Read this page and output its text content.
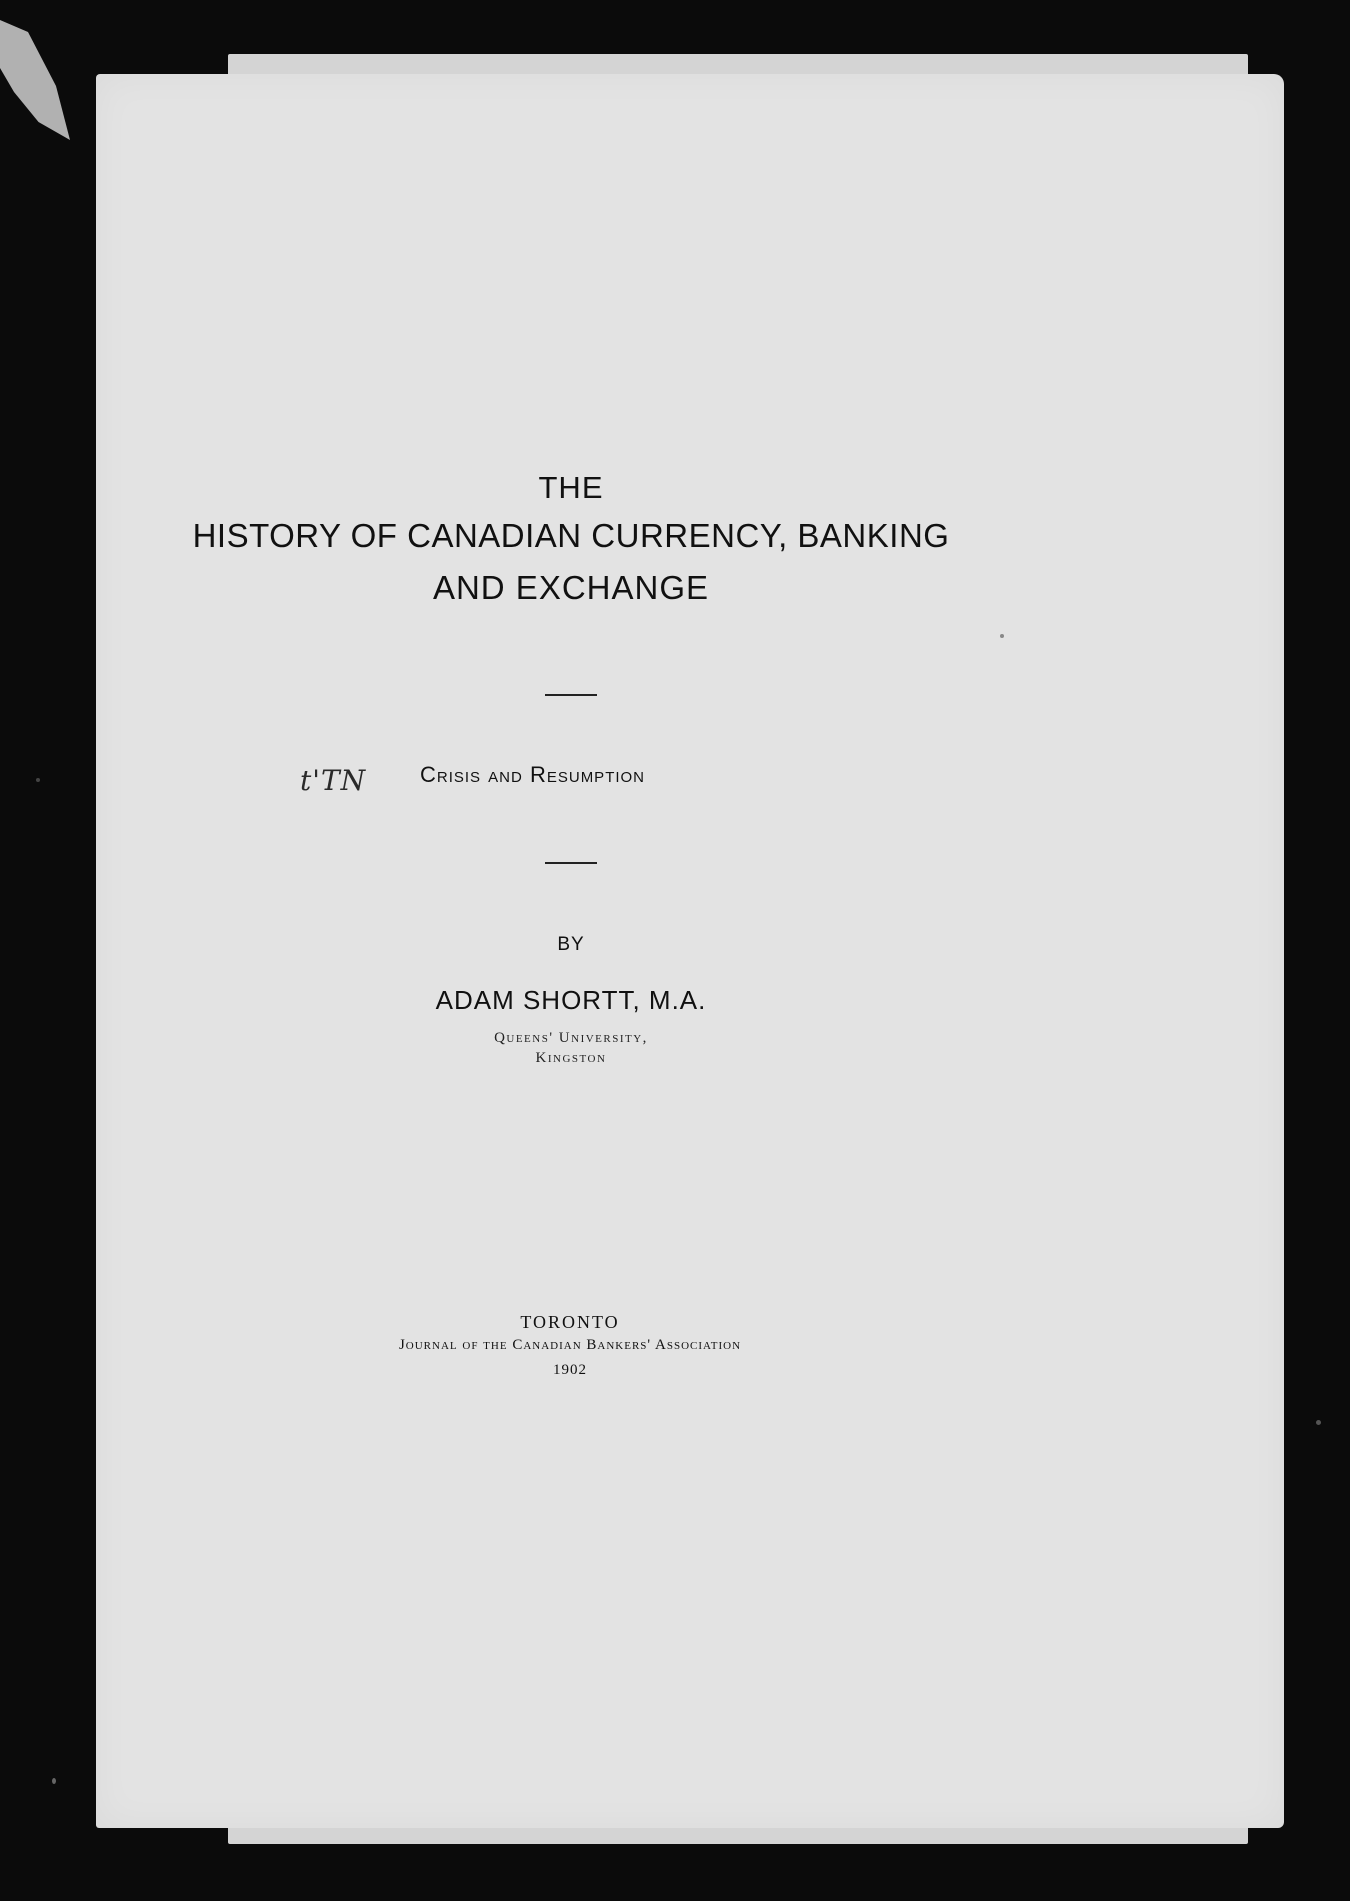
THE
HISTORY OF CANADIAN CURRENCY, BANKING
AND EXCHANGE
t'TN Crisis and Resumption
BY
ADAM SHORTT, M.A.
Queens' University,
Kingston
TORONTO
Journal of the Canadian Bankers' Association
1902
